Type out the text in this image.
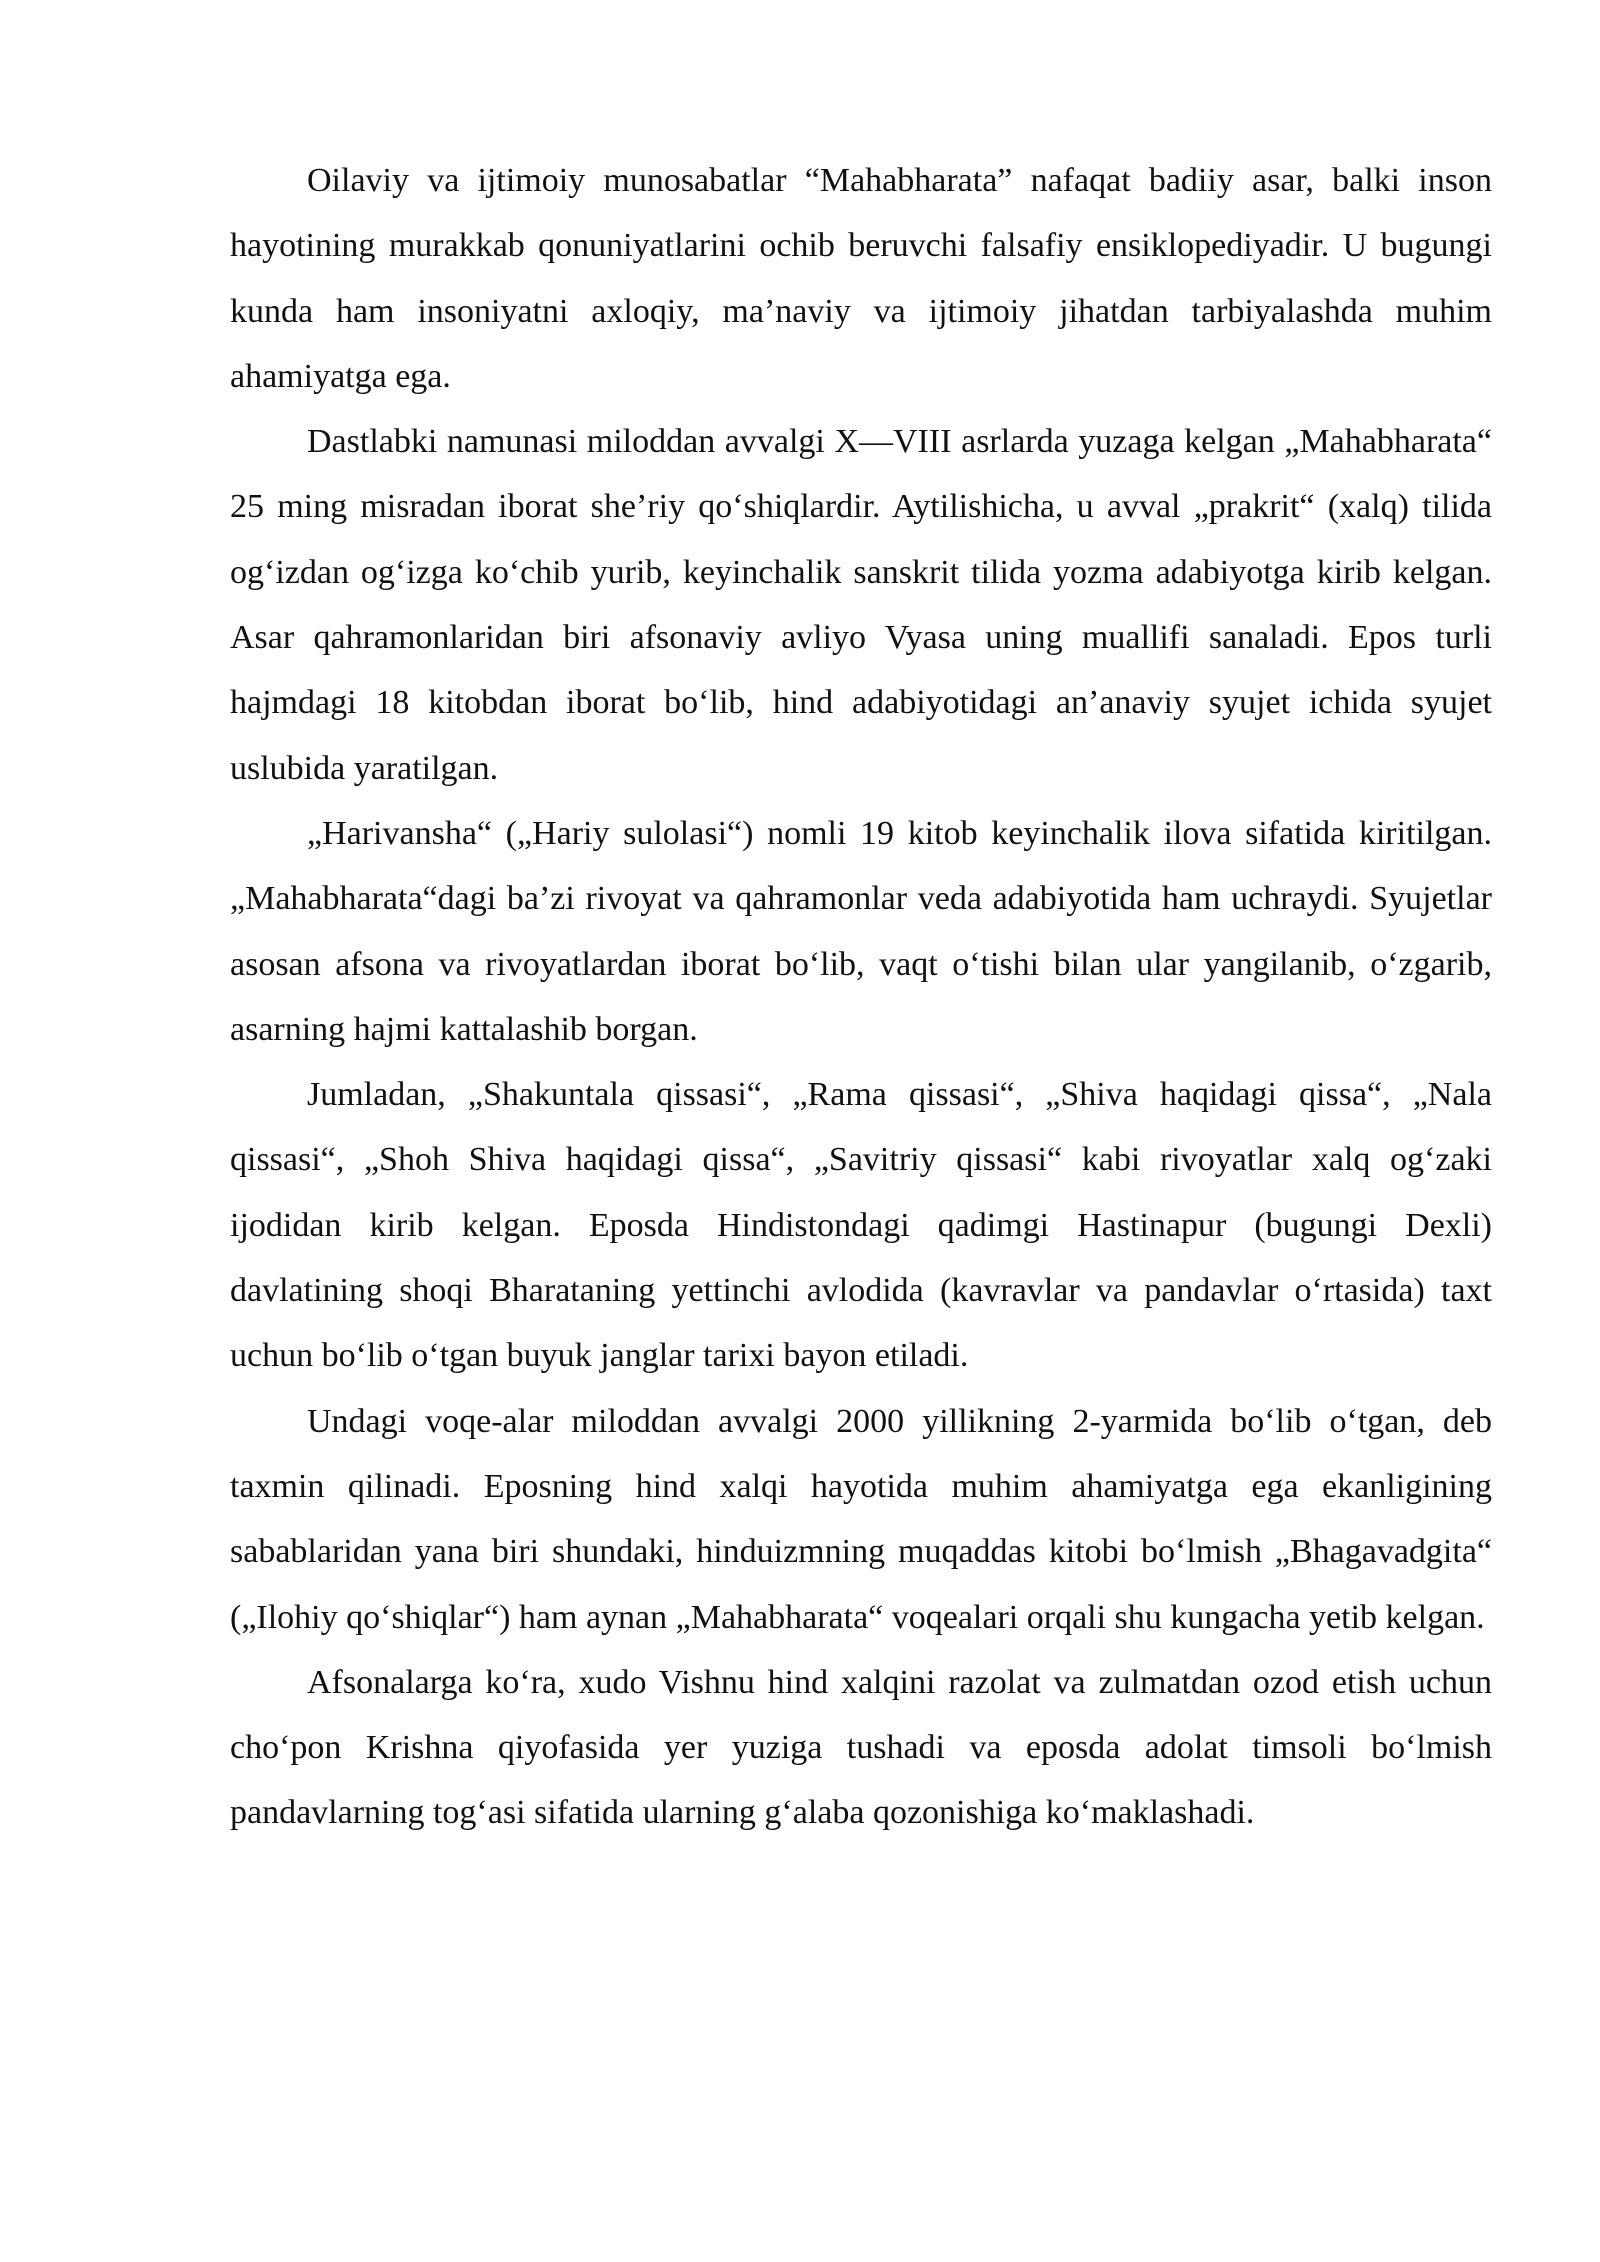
Oilaviy va ijtimoiy munosabatlar “Mahabharata” nafaqat badiiy asar, balki inson hayotining murakkab qonuniyatlarini ochib beruvchi falsafiy ensiklopediyadir. U bugungi kunda ham insoniyatni axloqiy, ma’naviy va ijtimoiy jihatdan tarbiyalashda muhim ahamiyatga ega.

Dastlabki namunasi miloddan avvalgi X—VIII asrlarda yuzaga kelgan „Mahabharata“ 25 ming misradan iborat she’riy qo‘shiqlardir. Aytilishicha, u avval „prakrit“ (xalq) tilida og‘izdan og‘izga ko‘chib yurib, keyinchalik sanskrit tilida yozma adabiyotga kirib kelgan. Asar qahramonlaridan biri afsonaviy avliyo Vyasa uning muallifi sanaladi. Epos turli hajmdagi 18 kitobdan iborat bo‘lib, hind adabiyotidagi an’anaviy syujet ichida syujet uslubida yaratilgan.

„Harivansha“ („Hariy sulolasi“) nomli 19 kitob keyinchalik ilova sifatida kiritilgan. „Mahabharata“dagi ba’zi rivoyat va qahramonlar veda adabiyotida ham uchraydi. Syujetlar asosan afsona va rivoyatlardan iborat bo‘lib, vaqt o‘tishi bilan ular yangilanib, o‘zgarib, asarning hajmi kattalashib borgan.

Jumladan, „Shakuntala qissasi“, „Rama qissasi“, „Shiva haqidagi qissa“, „Nala qissasi“, „Shoh Shiva haqidagi qissa“, „Savitriy qissasi“ kabi rivoyatlar xalq og‘zaki ijodidan kirib kelgan. Eposda Hindistondagi qadimgi Hastinapur (bugungi Dexli) davlatining shoqi Bharataning yettinchi avlodida (kavravlar va pandavlar o‘rtasida) taxt uchun bo‘lib o‘tgan buyuk janglar tarixi bayon etiladi.

Undagi voqe-alar miloddan avvalgi 2000 yillikning 2-yarmida bo‘lib o‘tgan, deb taxmin qilinadi. Eposning hind xalqi hayotida muhim ahamiyatga ega ekanligining sabablaridan yana biri shundaki, hinduizmning muqaddas kitobi bo‘lmish „Bhagavadgita“ („Ilohiy qo‘shiqlar“) ham aynan „Mahabharata“ voqealari orqali shu kungacha yetib kelgan.

Afsonalarga ko‘ra, xudo Vishnu hind xalqini razolat va zulmatdan ozod etish uchun cho‘pon Krishna qiyofasida yer yuziga tushadi va eposda adolat timsoli bo‘lmish pandavlarning tog‘asi sifatida ularning g‘alaba qozonishiga ko‘maklashadi.
